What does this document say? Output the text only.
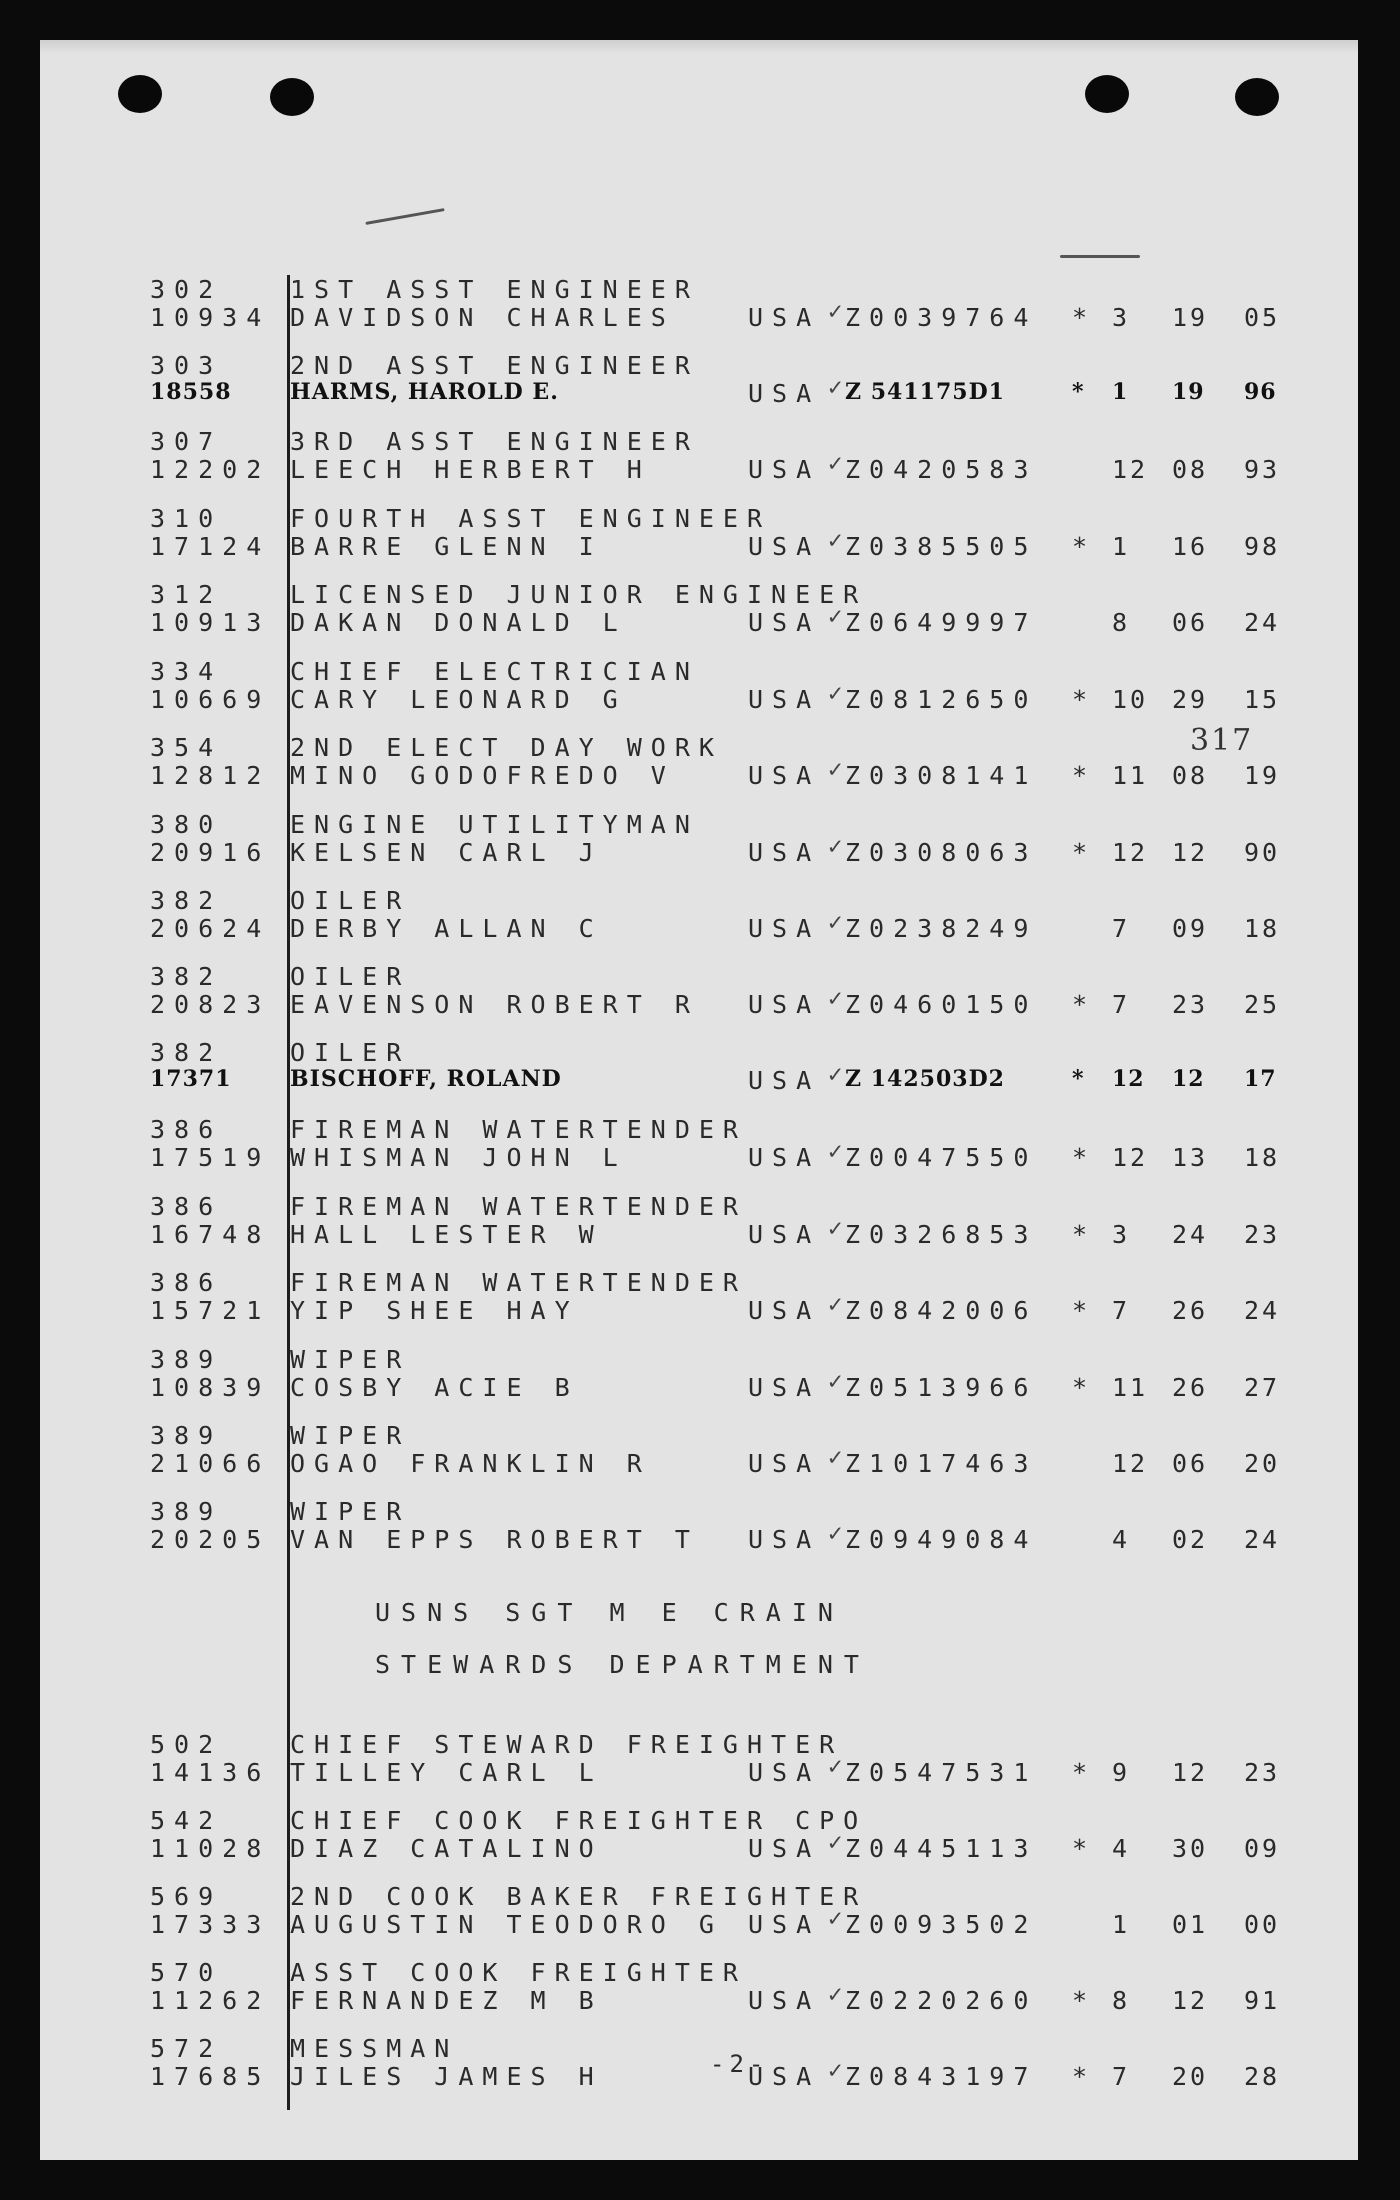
302	1ST ASST ENGINEER
10934 DAVIDSON CHARLES	USA Z0039764 * 3 19 05
✓
303	2ND ASST ENGINEER
18558	HARMS, HAROLD E.	USA Z 541175D1	* 1 19 96
✓
307	3RD ASST ENGINEER
12202 LEECH HERBERT H	USA Z0420583	12 08 93
✓
310	FOURTH ASST ENGINEER
17124 BARRE GLENN I	USA Z0385505 * 1 16 98
✓
312	LICENSED JUNIOR ENGINEER
10913 DAKAN DONALD L	USA Z0649997	8 06 24
✓
334	CHIEF ELECTRICIAN
10669 CARY LEONARD G	USA Z0812650 * 10 29 15
✓
354	2ND ELECT DAY WORK
12812 MINO GODOFREDO V	USA Z0308141 * 11 08 19
✓
380	ENGINE UTILITYMAN
20916 KELSEN CARL J	USA Z0308063 * 12 12 90
✓
382	OILER
20624 DERBY ALLAN C	USA Z0238249	7 09 18
✓
382	OILER
20823 EAVENSON ROBERT R USA Z0460150 * 7 23 25
✓
382	OILER
17371	BISCHOFF, ROLAND	USA Z 142503D2	* 12 12 17
✓
386	FIREMAN WATERTENDER
17519 WHISMAN JOHN L	USA Z0047550 * 12 13 18
✓
386	FIREMAN WATERTENDER
16748 HALL LESTER W	USA Z0326853 * 3 24 23
✓
386	FIREMAN WATERTENDER
15721 YIP SHEE HAY	USA Z0842006 * 7 26 24
✓
389	WIPER
10839 COSBY ACIE B	USA Z0513966 * 11 26 27
✓
389	WIPER
21066 OGAO FRANKLIN R	USA Z1017463	12 06 20
✓
389	WIPER
20205 VAN EPPS ROBERT T USA Z0949084	4 02 24
✓
502	CHIEF STEWARD FREIGHTER
14136 TILLEY CARL L	USA Z0547531 * 9 12 23
✓
542	CHIEF COOK FREIGHTER CPO
11028 DIAZ CATALINO	USA Z0445113 * 4 30 09
✓
569	2ND COOK BAKER FREIGHTER
17333 AUGUSTIN TEODORO G USA Z0093502	1 01 00
✓
570	ASST COOK FREIGHTER
11262 FERNANDEZ M B	USA Z0220260 * 8 12 91
✓
572	MESSMAN
17685 JILES JAMES H	USA Z0843197 * 7 20 28
✓
USNS SGT M E CRAIN
STEWARDS DEPARTMENT
317
-2-
